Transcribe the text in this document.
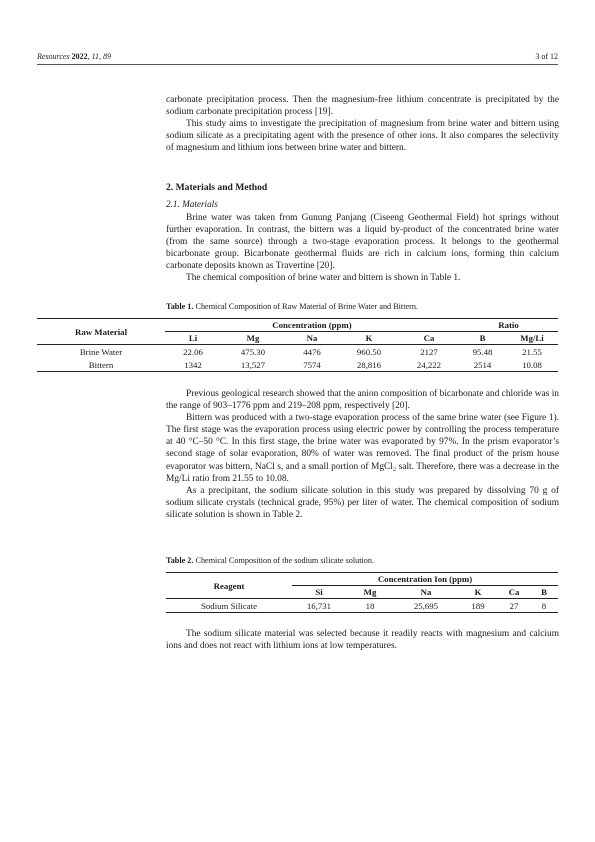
Resources 2022, 11, 89	3 of 12

carbonate precipitation process. Then the magnesium-free lithium concentrate is precipitated by the sodium carbonate precipitation process [19].

This study aims to investigate the precipitation of magnesium from brine water and bittern using sodium silicate as a precipitating agent with the presence of other ions. It also compares the selectivity of magnesium and lithium ions between brine water and bittern.

2. Materials and Method
2.1. Materials

Brine water was taken from Gunung Panjang (Ciseeng Geothermal Field) hot springs without further evaporation. In contrast, the bittern was a liquid by-product of the concentrated brine water (from the same source) through a two-stage evaporation process. It belongs to the geothermal bicarbonate group. Bicarbonate geothermal fluids are rich in calcium ions, forming thin calcium carbonate deposits known as Travertine [20].

The chemical composition of brine water and bittern is shown in Table 1.

Table 1. Chemical Composition of Raw Material of Brine Water and Bittern.
Raw Material	Concentration (ppm)					Ratio	
	Li	Mg	Na	K	Ca	B	Mg/Li
Brine Water	22.06	475.30	4476	960.50	2127	95.48	21.55
Bittern	1342	13,527	7574	28,816	24,222	2514	10.08

Previous geological research showed that the anion composition of bicarbonate and chloride was in the range of 903–1776 ppm and 219–208 ppm, respectively [20].

Bittern was produced with a two-stage evaporation process of the same brine water (see Figure 1). The first stage was the evaporation process using electric power by controlling the process temperature at 40 °C–50 °C. In this first stage, the brine water was evaporated by 97%. In the prism evaporator’s second stage of solar evaporation, 80% of water was removed. The final product of the prism house evaporator was bittern, NaCl s, and a small portion of MgCl₂ salt. Therefore, there was a decrease in the Mg/Li ratio from 21.55 to 10.08.

As a precipitant, the sodium silicate solution in this study was prepared by dissolving 70 g of sodium silicate crystals (technical grade, 95%) per liter of water. The chemical composition of sodium silicate solution is shown in Table 2.

Table 2. Chemical Composition of the sodium silicate solution.
Reagent	Concentration Ion (ppm)					
	Si	Mg	Na	K	Ca	B
Sodium Silicate	16,731	18	25,695	189	27	8

The sodium silicate material was selected because it readily reacts with magnesium and calcium ions and does not react with lithium ions at low temperatures.
